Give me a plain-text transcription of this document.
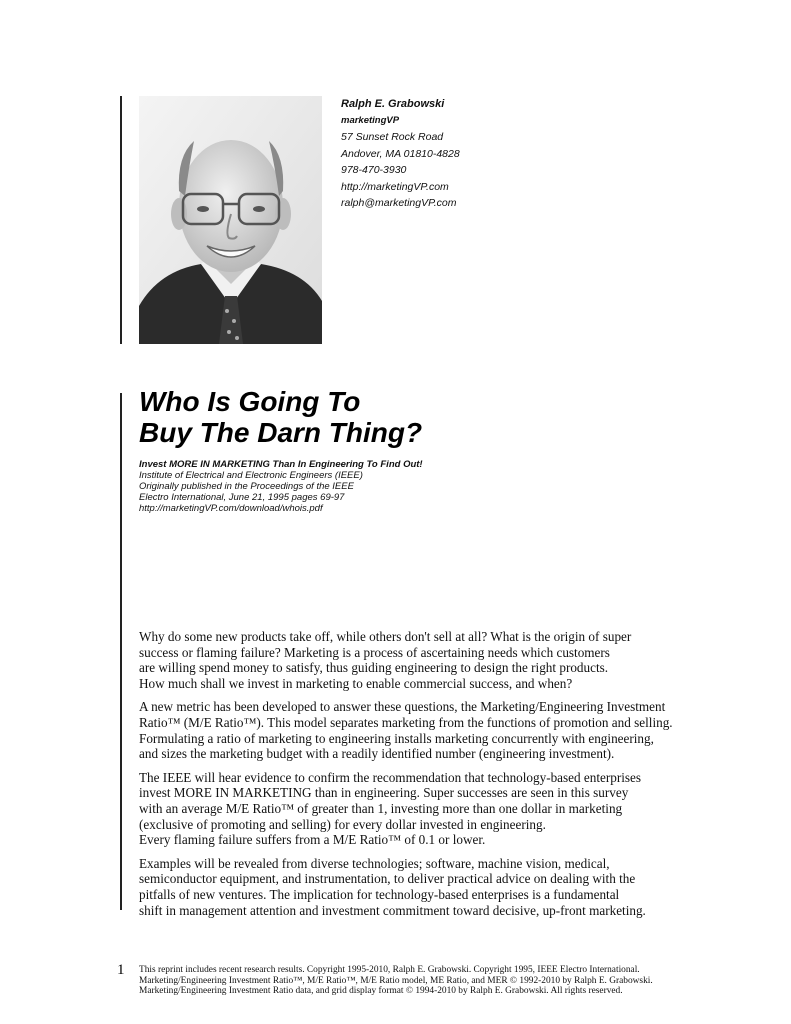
Ralph E. Grabowski
marketingVP
57 Sunset Rock Road
Andover, MA 01810-4828
978-470-3930
http://marketingVP.com
ralph@marketingVP.com
Who Is Going To
Buy The Darn Thing?
Invest MORE IN MARKETING Than In Engineering To Find Out!
Institute of Electrical and Electronic Engineers (IEEE)
Originally published in the Proceedings of the IEEE
Electro International, June 21, 1995 pages 69-97
http://marketingVP.com/download/whois.pdf

Why do some new products take off, while others don't sell at all? What is the origin of super
success or flaming failure? Marketing is a process of ascertaining needs which customers
are willing spend money to satisfy, thus guiding engineering to design the right products.
How much shall we invest in marketing to enable commercial success, and when?

A new metric has been developed to answer these questions, the Marketing/Engineering Investment
Ratio™ (M/E Ratio™). This model separates marketing from the functions of promotion and selling.
Formulating a ratio of marketing to engineering installs marketing concurrently with engineering,
and sizes the marketing budget with a readily identified number (engineering investment).

The IEEE will hear evidence to confirm the recommendation that technology-based enterprises
invest MORE IN MARKETING than in engineering. Super successes are seen in this survey
with an average M/E Ratio™ of greater than 1, investing more than one dollar in marketing
(exclusive of promoting and selling) for every dollar invested in engineering.
Every flaming failure suffers from a M/E Ratio™ of 0.1 or lower.

Examples will be revealed from diverse technologies; software, machine vision, medical,
semiconductor equipment, and instrumentation, to deliver practical advice on dealing with the
pitfalls of new ventures. The implication for technology-based enterprises is a fundamental
shift in management attention and investment commitment toward decisive, up-front marketing.

1 This reprint includes recent research results. Copyright 1995-2010, Ralph E. Grabowski. Copyright 1995, IEEE Electro International.
Marketing/Engineering Investment Ratio™, M/E Ratio™, M/E Ratio model, ME Ratio, and MER © 1992-2010 by Ralph E. Grabowski.
Marketing/Engineering Investment Ratio data, and grid display format © 1994-2010 by Ralph E. Grabowski. All rights reserved.
